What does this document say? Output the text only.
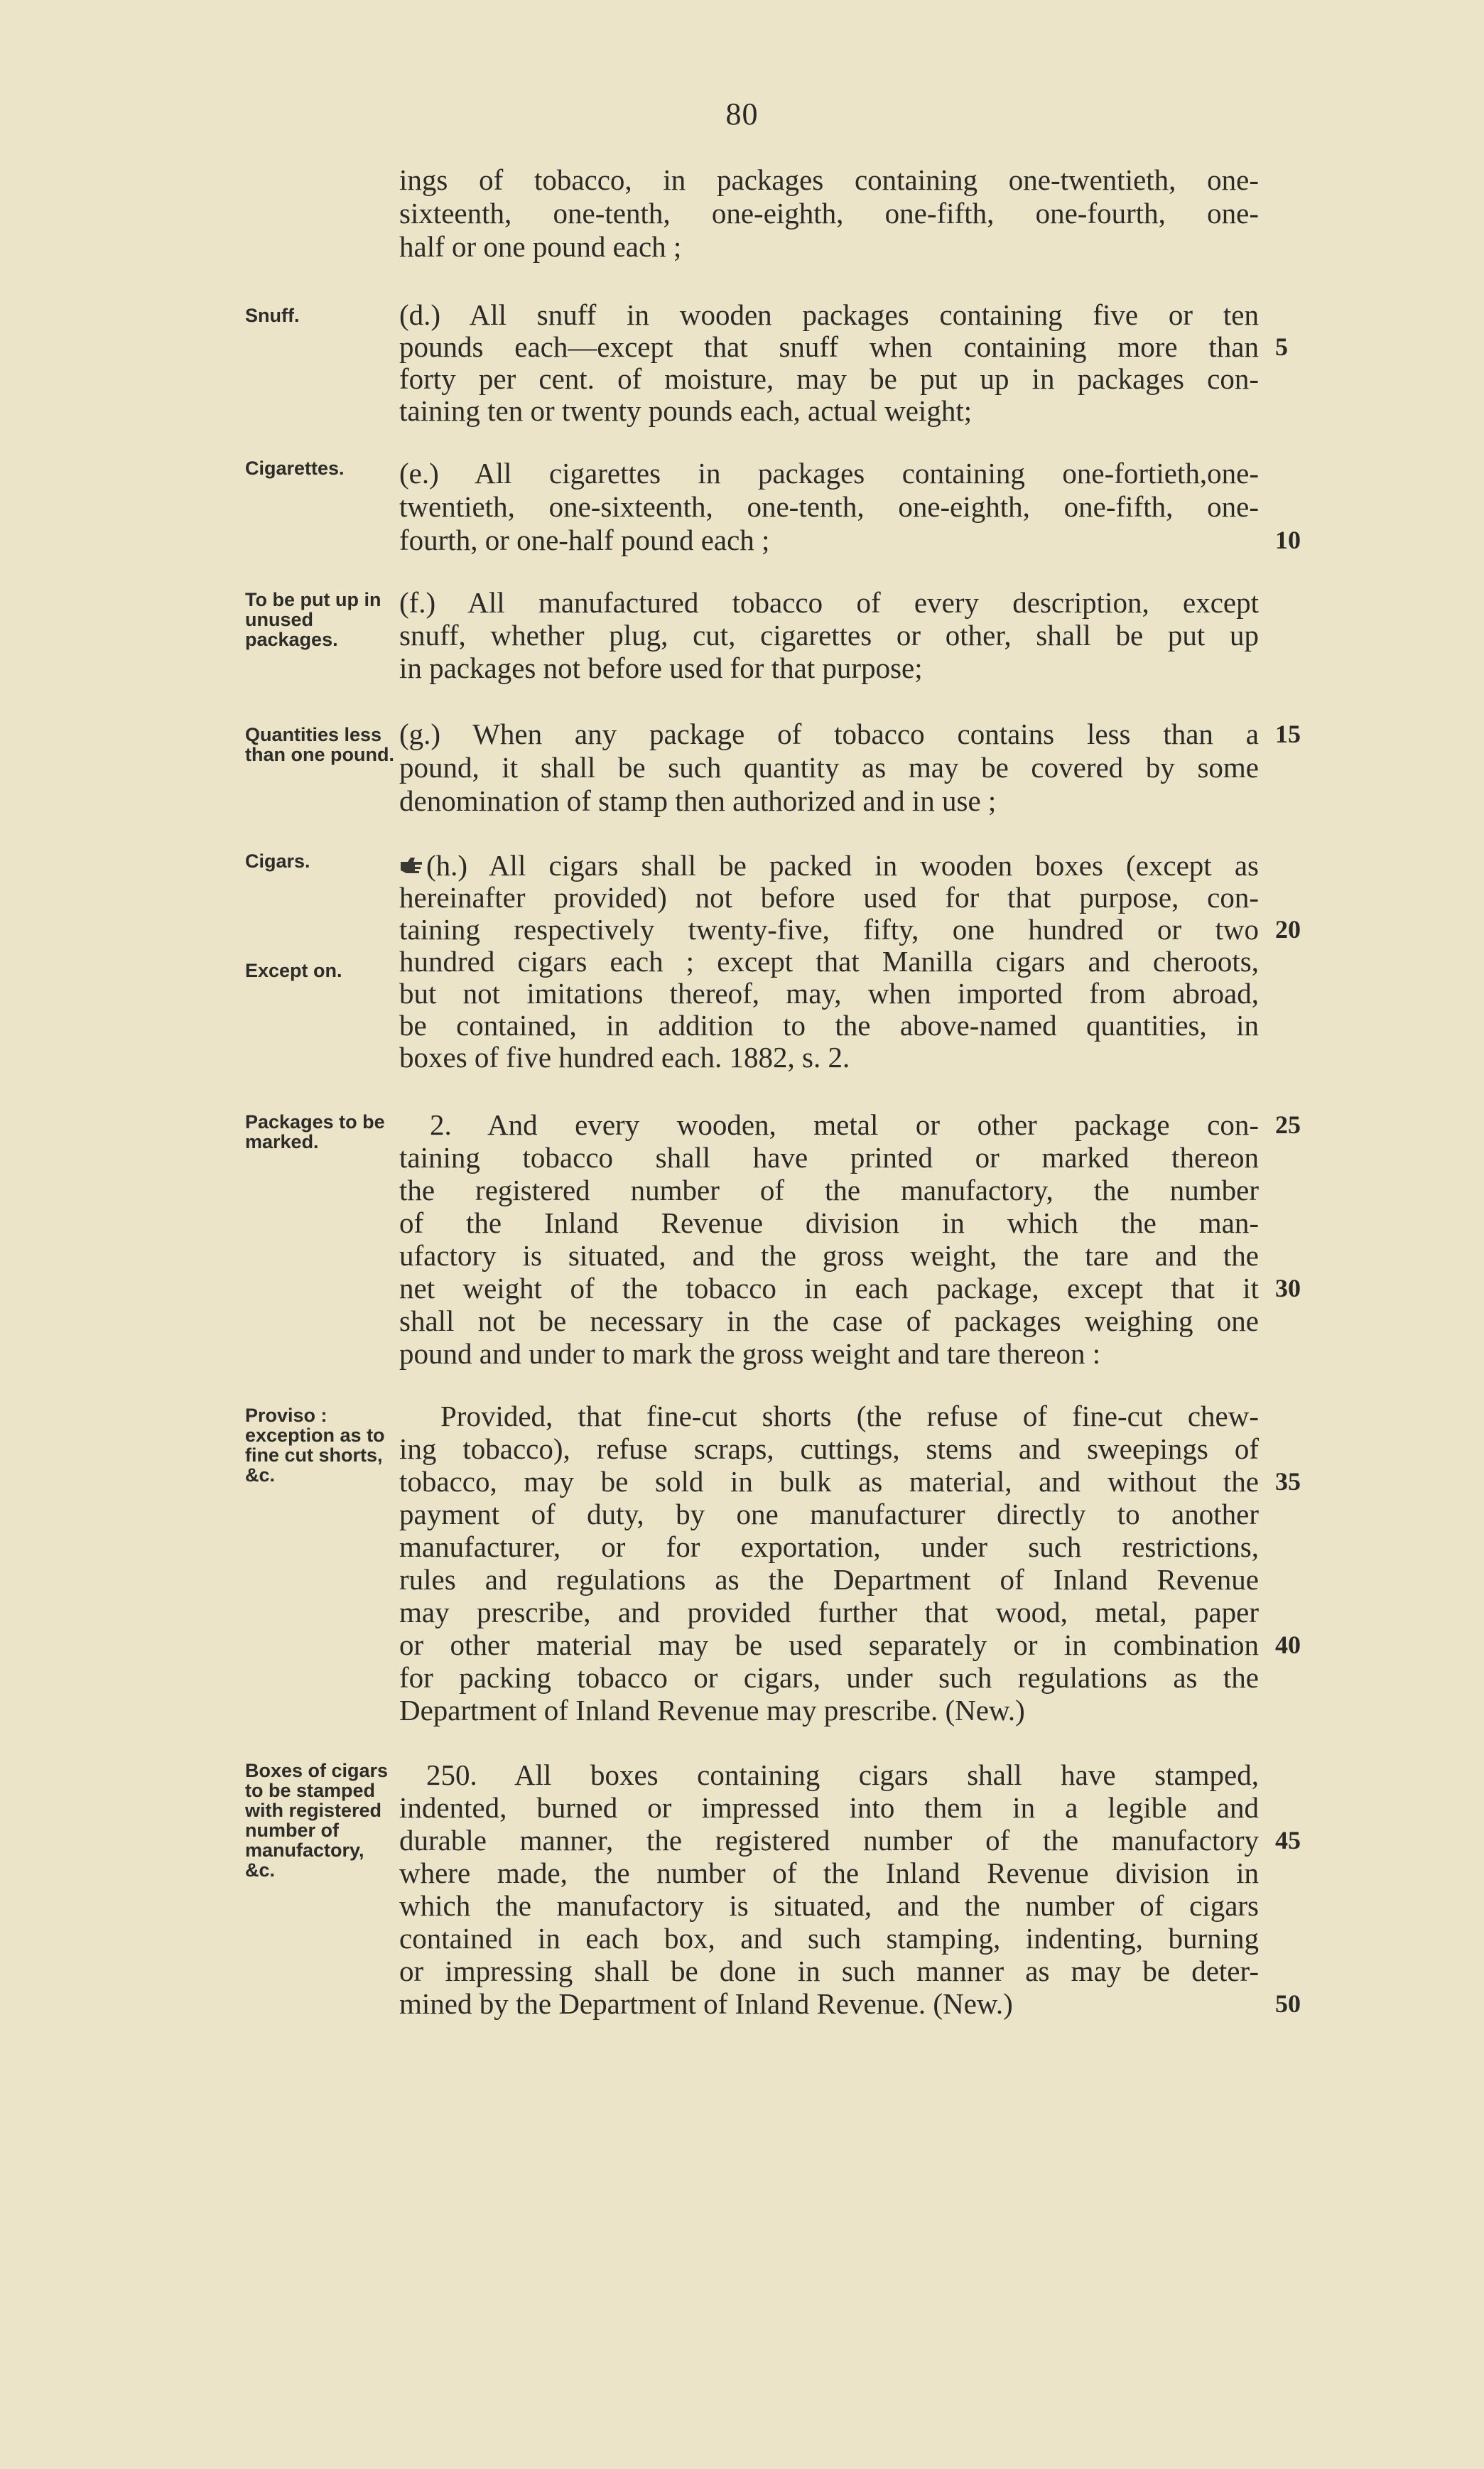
80
ings of tobacco, in packages containing one-twentieth, one-
sixteenth, one-tenth, one-eighth, one-fifth, one-fourth, one-
half or one pound each ;
Snuff.	(d.) All snuff in wooden packages containing five or ten
pounds each—except that snuff when containing more than 5
forty per cent. of moisture, may be put up in packages con-
taining ten or twenty pounds each, actual weight;
Cigarettes.	(e.) All cigarettes in packages containing one-fortieth,one-
twentieth, one-sixteenth, one-tenth, one-eighth, one-fifth, one-
fourth, or one-half pound each ;	10
To be put up in unused packages.
(f.) All manufactured tobacco of every description, except
snuff, whether plug, cut, cigarettes or other, shall be put up
in packages not before used for that purpose;
Quantities less than one pound.
(g.) When any package of tobacco contains less than a 15
pound, it shall be such quantity as may be covered by some
denomination of stamp then authorized and in use ;
Cigars.
Except on.
(h.) All cigars shall be packed in wooden boxes (except as
hereinafter provided) not before used for that purpose, con-
taining respectively twenty-five, fifty, one hundred or two 20
hundred cigars each ; except that Manilla cigars and cheroots,
but not imitations thereof, may, when imported from abroad,
be contained, in addition to the above-named quantities, in
boxes of five hundred each. 1882, s. 2.
Packages to be marked.
2. And every wooden, metal or other package con- 25
taining tobacco shall have printed or marked thereon
the registered number of the manufactory, the number
of the Inland Revenue division in which the man-
ufactory is situated, and the gross weight, the tare and the
net weight of the tobacco in each package, except that it 30
shall not be necessary in the case of packages weighing one
pound and under to mark the gross weight and tare thereon :
Proviso : exception as to fine cut shorts, &c.
Provided, that fine-cut shorts (the refuse of fine-cut chew-
ing tobacco), refuse scraps, cuttings, stems and sweepings of
tobacco, may be sold in bulk as material, and without the 35
payment of duty, by one manufacturer directly to another
manufacturer, or for exportation, under such restrictions,
rules and regulations as the Department of Inland Revenue
may prescribe, and provided further that wood, metal, paper
or other material may be used separately or in combination 40
for packing tobacco or cigars, under such regulations as the
Department of Inland Revenue may prescribe. (New.)
Boxes of cigars to be stamped with registered number of manufactory, &c.
250. All boxes containing cigars shall have stamped,
indented, burned or impressed into them in a legible and
durable manner, the registered number of the manufactory 45
where made, the number of the Inland Revenue division in
which the manufactory is situated, and the number of cigars
contained in each box, and such stamping, indenting, burning
or impressing shall be done in such manner as may be deter-
mined by the Department of Inland Revenue. (New.)	50
